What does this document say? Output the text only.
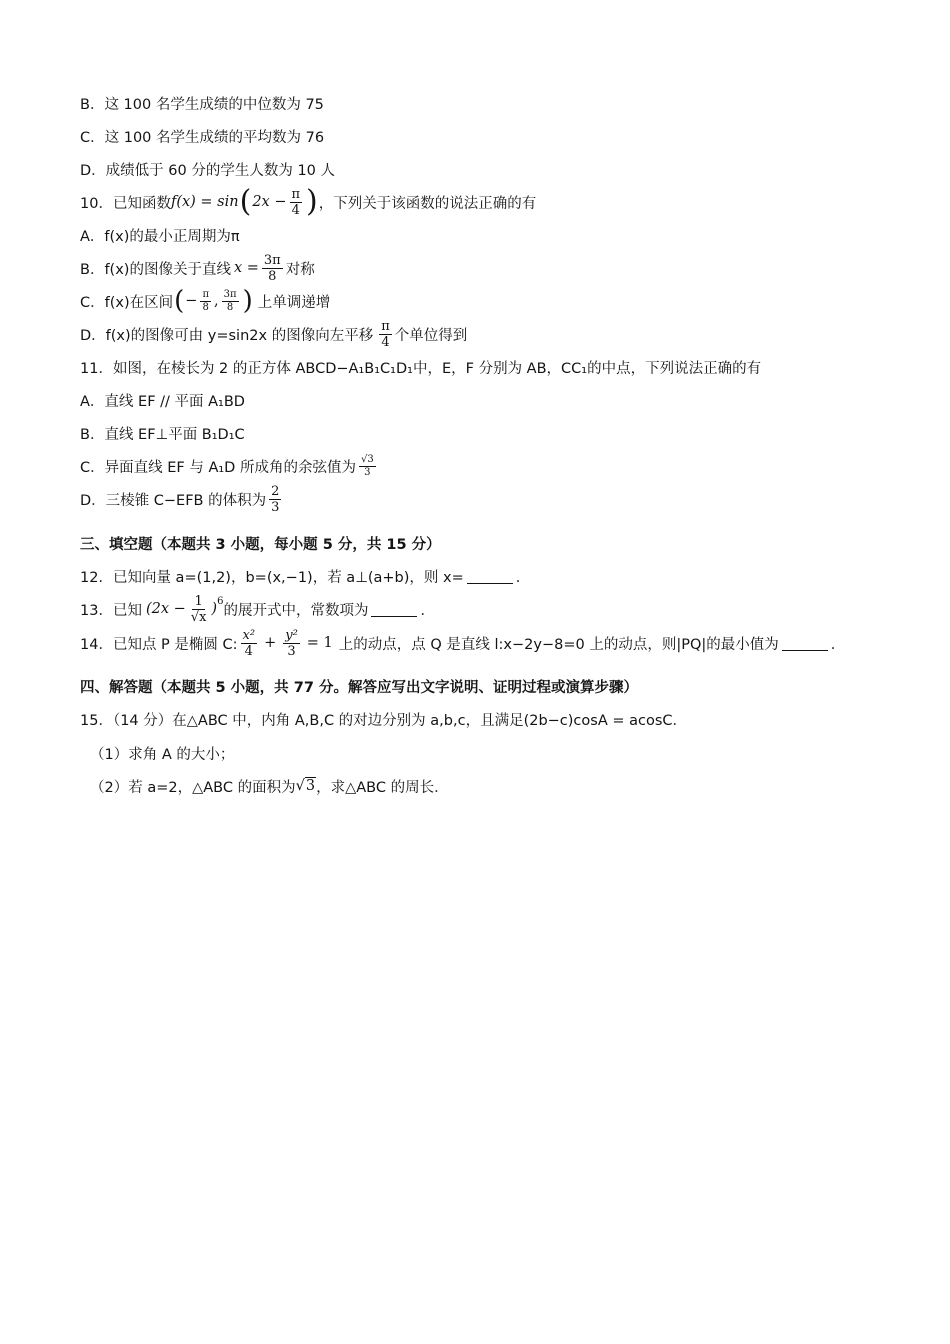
B．这 100 名学生成绩的中位数为 75
C．这 100 名学生成绩的平均数为 76
D．成绩低于 60 分的学生人数为 10 人
10．已知函数 f(x) = sin ( $2x - \frac{\pi}{4}$ ) ，下列关于该函数的说法正确的有
A．f(x)的最小正周期为π
B．f(x)的图像关于直线 $x = \frac{3\pi}{8}$ 对称
C．f(x)在区间 ( − $\frac{\pi}{8}$ , $\frac{3\pi}{8}$ ) 上单调递增
D．f(x)的图像可由 y=sin2x 的图像向左平移 $\frac{\pi}{4}$ 个单位得到
11．如图，在棱长为 2 的正方体 ABCD−A₁B₁C₁D₁中，E，F 分别为 AB，CC₁的中点，下列说法正确的有
A．直线 EF // 平面 A₁BD
B．直线 EF⊥平面 B₁D₁C
C．异面直线 EF 与 A₁D 所成角的余弦值为 $\frac{√3}{3}$
D．三棱锥 C−EFB 的体积为 $\frac{2}{3}$
三、填空题（本题共 3 小题，每小题 5 分，共 15 分）
12．已知向量 a=(1,2)，b=(x,−1)，若 a⊥(a+b)，则 x=	．
13．已知 $(2x - \frac{1}{√x} )^6$
的展开式中，常数项为	．
14．已知点 P 是椭圆 C: $\frac{\text{x²}}{4} + \frac{\text{y²}}{3} = 1$ 上的动点，点 Q 是直线 l:x−2y−8=0 上的动点，则|PQ|的最小值为	．
四、解答题（本题共 5 小题，共 77 分。解答应写出文字说明、证明过程或演算步骤）
15．（14 分）在△ABC 中，内角 A,B,C 的对边分别为 a,b,c，且满足(2b−c)cosA = acosC．
（1）求角 A 的大小；
（2）若 a=2，△ABC 的面积为 √3 ，求△ABC 的周长．
